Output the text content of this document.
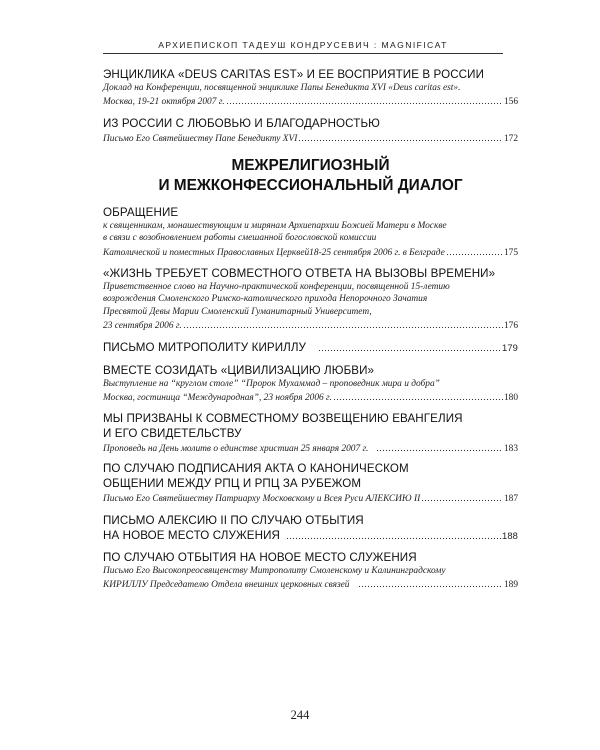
АРХИЕПИСКОП ТАДЕУШ КОНДРУСЕВИЧ : MAGNIFICAT
ЭНЦИКЛИКА «DEUS CARITAS EST» И ЕЕ ВОСПРИЯТИЕ В РОССИИ
Доклад на Конференции, посвященной энциклике Папы Бенедикта XVI «Deus caritas est».
Москва, 19-21 октября 2007 г.	156
ИЗ РОССИИ С ЛЮБОВЬЮ И БЛАГОДАРНОСТЬЮ
Письмо Его Святейшеству Папе Бенедикту XVI	172
МЕЖРЕЛИГИОЗНЫЙ
И МЕЖКОНФЕССИОНАЛЬНЫЙ ДИАЛОГ
ОБРАЩЕНИЕ
к священникам, монашествующим и мирянам Архиепархии Божией Матери в Москве
в связи с возобновлением работы смешанной богословской комиссии
Католической и поместных Православных Церквей18-25 сентября 2006 г. в Белграде	175
«ЖИЗНЬ ТРЕБУЕТ СОВМЕСТНОГО ОТВЕТА НА ВЫЗОВЫ ВРЕМЕНИ»
Приветственное слово на Научно-практической конференции, посвященной 15-летию
возрождения Смоленского Римско-католического прихода Непорочного Зачатия
Пресвятой Девы Марии Смоленский Гуманитарный Университет,
23 сентября 2006 г.	176
ПИСЬМО МИТРОПОЛИТУ КИРИЛЛУ	179
ВМЕСТЕ СОЗИДАТЬ «ЦИВИЛИЗАЦИЮ ЛЮБВИ»
Выступление на “круглом столе” “Пророк Мухаммад – проповедник мира и добра”
Москва, гостиница “Международная”, 23 ноября 2006 г.	180
МЫ ПРИЗВАНЫ К СОВМЕСТНОМУ ВОЗВЕЩЕНИЮ ЕВАНГЕЛИЯ
И ЕГО СВИДЕТЕЛЬСТВУ
Проповедь на День молитв о единстве христиан 25 января 2007 г.	183
ПО СЛУЧАЮ ПОДПИСАНИЯ АКТА О КАНОНИЧЕСКОМ
ОБЩЕНИИ МЕЖДУ РПЦ И РПЦ ЗА РУБЕЖОМ
Письмо Его Святейшеству Патриарху Московскому и Всея Руси АЛЕКСИЮ II	187
ПИСЬМО АЛЕКСИЮ II ПО СЛУЧАЮ ОТБЫТИЯ
НА НОВОЕ МЕСТО СЛУЖЕНИЯ	188
ПО СЛУЧАЮ ОТБЫТИЯ НА НОВОЕ МЕСТО СЛУЖЕНИЯ
Письмо Его Высокопреосвященству Митрополиту Смоленскому и Калининградскому
КИРИЛЛУ Председателю Отдела внешних церковных связей	189
244
